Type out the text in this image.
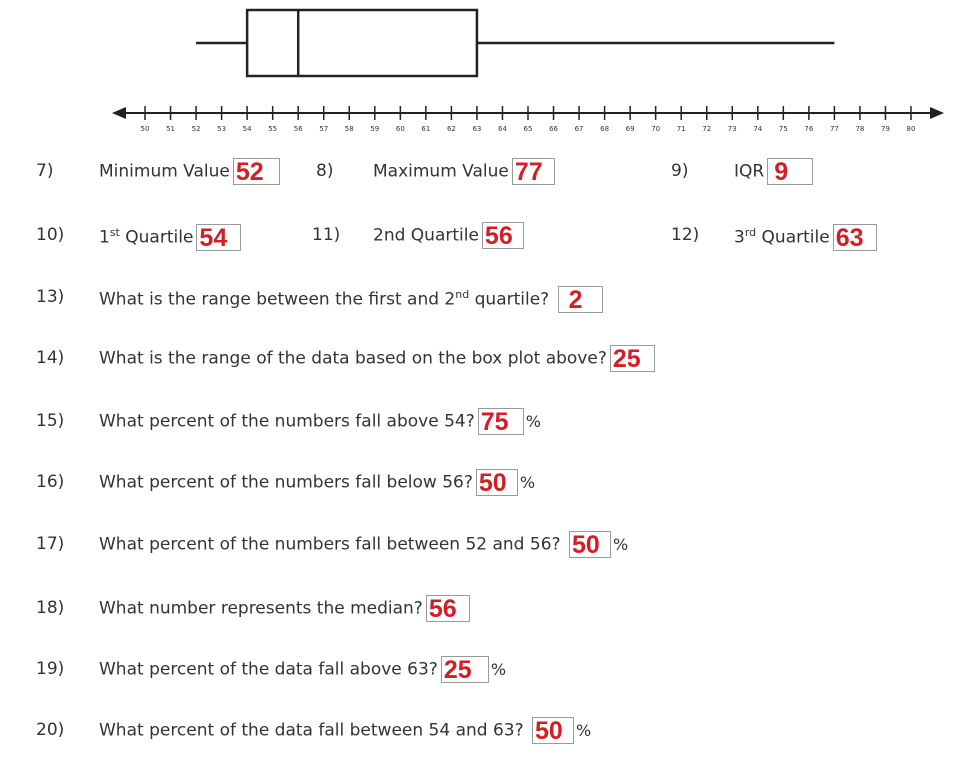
50 51 52 53 54 55 56 57 58 59 60 61 62 63 64 65 66 67 68 69 70 71 72 73 74 75 76 77 78 79 80
7)	Minimum Value 52	8) Maximum Value 77	9)	IQR 9
10) 1st Quartile 54	11) 2nd Quartile 56	12) 3rd Quartile 63
13) What is the range between the first and 2nd quartile? 2
14) What is the range of the data based on the box plot above? 25
15) What percent of the numbers fall above 54? 75 %
16) What percent of the numbers fall below 56? 50 %
17) What percent of the numbers fall between 52 and 56? 50 %
18) What number represents the median? 56
19) What percent of the data fall above 63? 25 %
20) What percent of the data fall between 54 and 63? 50 %
